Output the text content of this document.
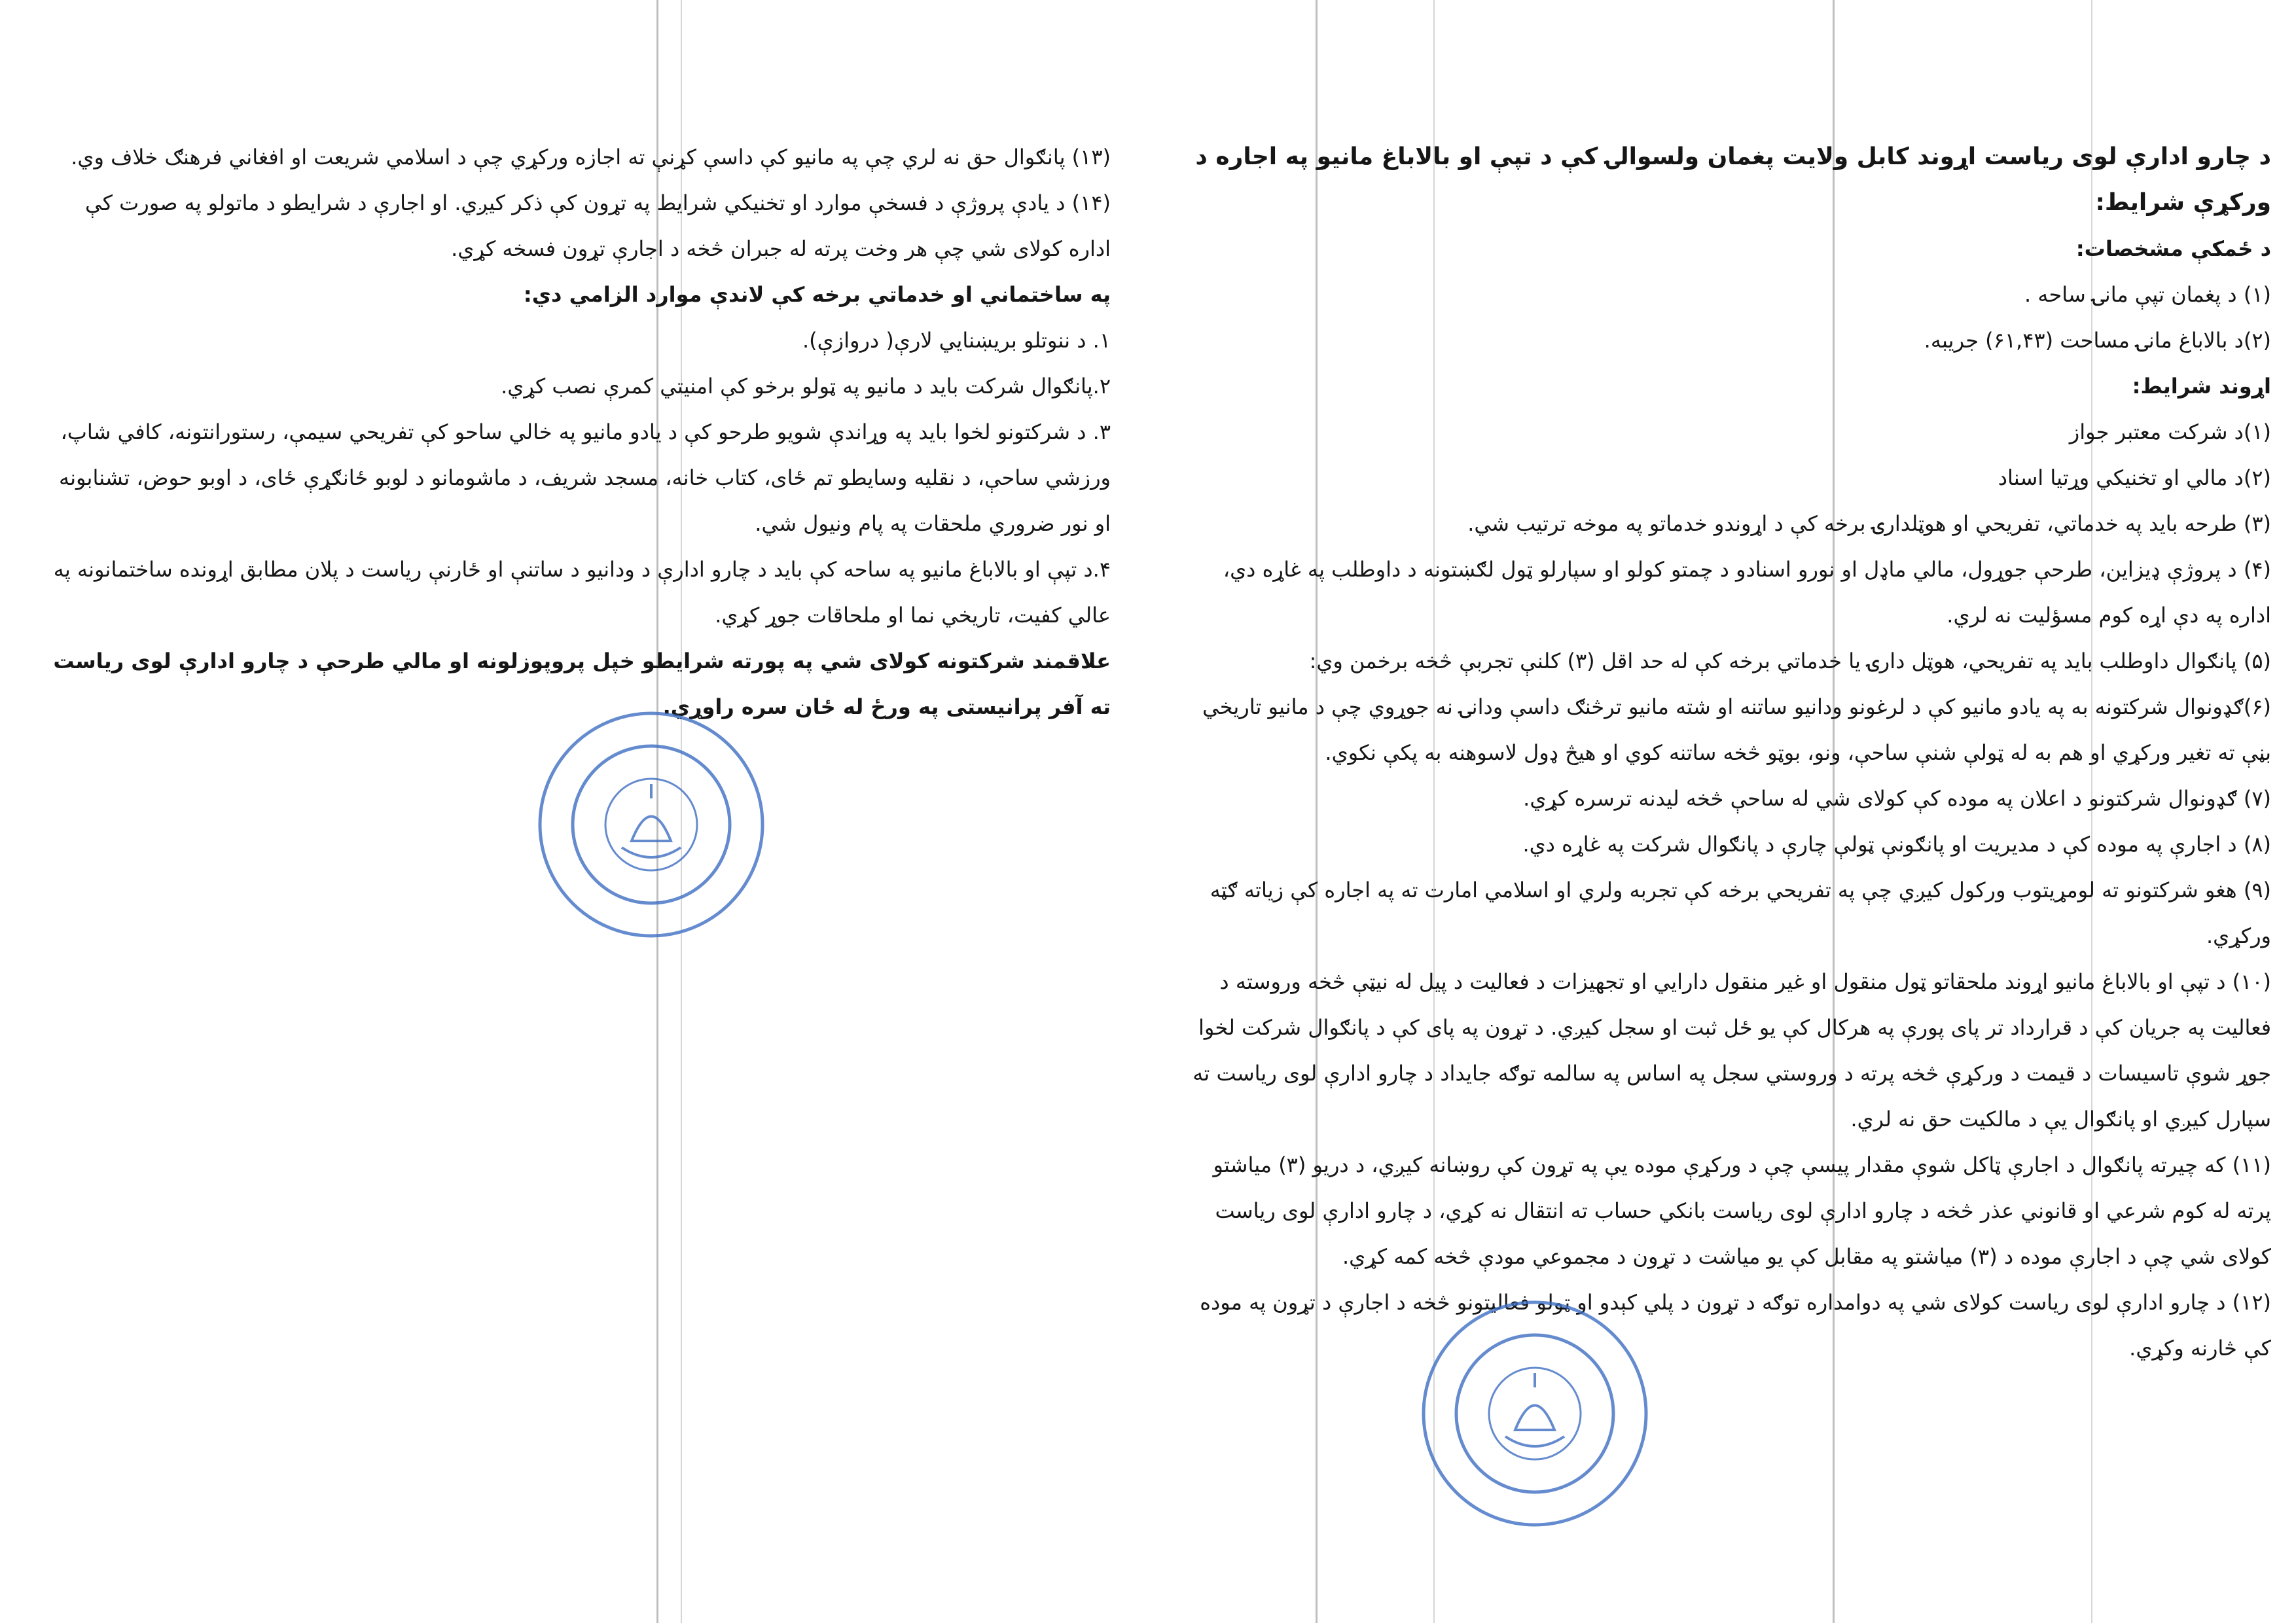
د چارو ادارې لوی ریاست اړوند کابل ولایت پغمان ولسوالۍ کې د تپې او بالاباغ مانیو په اجاره د ورکړې شرایط:

د ځمکې مشخصات:

(۱) د پغمان تپې مانۍ ساحه .

(۲)د بالاباغ مانۍ مساحت (۶۱,۴۳) جریبه.

اړوند شرایط:

(۱)د شرکت معتبر جواز

(۲)د مالي او تخنیکي وړتیا اسناد

(۳) طرحه باید په خدماتي، تفریحي او هوټلدارۍ برخه کې د اړوندو خدماتو په موخه ترتیب شي.

(۴) د پروژې ډیزاین، طرحې جوړول، مالي ماډل او نورو اسنادو د چمتو کولو او سپارلو ټول لګښتونه د داوطلب په غاړه دي، اداره په دې اړه کوم مسؤلیت نه لري.

(۵) پانګوال داوطلب باید په تفریحي، هوټل دارۍ یا خدماتي برخه کې له حد اقل (۳) کلنې تجربې څخه برخمن وي:

(۶)ګډونوال شرکتونه به په یادو مانیو کې د لرغونو ودانیو ساتنه او شته مانیو ترڅنګ داسې ودانۍ نه جوړوي چې د مانیو تاریخي بڼې ته تغیر ورکړي او هم به له ټولې شنې ساحې، ونو، بوټو څخه ساتنه کوي او هیڅ ډول لاسوهنه به پکې نکوي.

(۷) ګډونوال شرکتونو د اعلان په موده کې کولای شي له ساحې څخه لیدنه ترسره کړي.

(۸) د اجارې په موده کې د مدیریت او پانګونې ټولې چارې د پانګوال شرکت په غاړه دي.

(۹) هغو شرکتونو ته لومړیتوب ورکول کیږي چې په تفریحي برخه کې تجربه ولري او اسلامي امارت ته په اجاره کې زیاته ګټه ورکړي.

(۱۰) د تپې او بالاباغ مانیو اړوند ملحقاتو ټول منقول او غیر منقول دارایي او تجهیزات د فعالیت د پیل له نیټې څخه وروسته د فعالیت په جریان کې د قرارداد تر پای پورې په هرکال کې یو ځل ثبت او سجل کیږي. د تړون په پای کې د پانګوال شرکت لخوا جوړ شوې تاسیسات د قیمت د ورکړې څخه پرته د وروستي سجل په اساس په سالمه توګه جایداد د چارو ادارې لوی ریاست ته سپارل کیږي او پانګوال یې د مالکیت حق نه لري.

(۱۱) که چیرته پانګوال د اجارې ټاکل شوې مقدار پیسې چې د ورکړې موده یې په تړون کې روښانه کیږي، د دریو (۳) میاشتو پرته له کوم شرعي او قانوني عذر څخه د چارو ادارې لوی ریاست بانکي حساب ته انتقال نه کړي، د چارو ادارې لوی ریاست کولای شي چې د اجارې موده د (۳) میاشتو په مقابل کې یو میاشت د تړون د مجموعي مودې څخه کمه کړي.

(۱۲) د چارو ادارې لوی ریاست کولای شي په دوامداره توګه د تړون د پلي کېدو او ټولو فعالیتونو څخه د اجارې د تړون په موده کې څارنه وکړي.

(۱۳) پانګوال حق نه لري چې په مانیو کې داسې کړنې ته اجازه ورکړي چې د اسلامي شریعت او افغاني فرهنګ خلاف وي.

(۱۴) د یادې پروژې د فسخې موارد او تخنیکي شرایط په تړون کې ذکر کیږي. او اجارې د شرایطو د ماتولو په صورت کې اداره کولای شي چې هر وخت پرته له جبران څخه د اجارې تړون فسخه کړي.

په ساختماني او خدماتي برخه کې لاندې موارد الزامي دي:

۱. د ننوتلو بریښنایي لارې( دروازې).

۲.پانګوال شرکت باید د مانیو په ټولو برخو کې امنیتي کمرې نصب کړي.

۳. د شرکتونو لخوا باید په وړاندې شویو طرحو کې د یادو مانیو په خالي ساحو کې تفریحي سیمې، رستورانتونه، کافي شاپ، ورزشي ساحې، د نقلیه وسایطو تم ځای، کتاب خانه، مسجد شریف، د ماشومانو د لوبو ځانګړې ځای، د اوبو حوض، تشنابونه او نور ضروري ملحقات په پام ونیول شي.

۴.د تپې او بالاباغ مانیو په ساحه کې باید د چارو ادارې د ودانیو د ساتنې او ځارنې ریاست د پلان مطابق اړونده ساختمانونه په عالي کفیت، تاریخي نما او ملحاقات جوړ کړي.

علاقمند شرکتونه کولای شي په پورته شرایطو خپل پروپوزلونه او مالي طرحې د چارو ادارې لوی ریاست ته آفر پرانیستی په ورځ له ځان سره راوړي.
